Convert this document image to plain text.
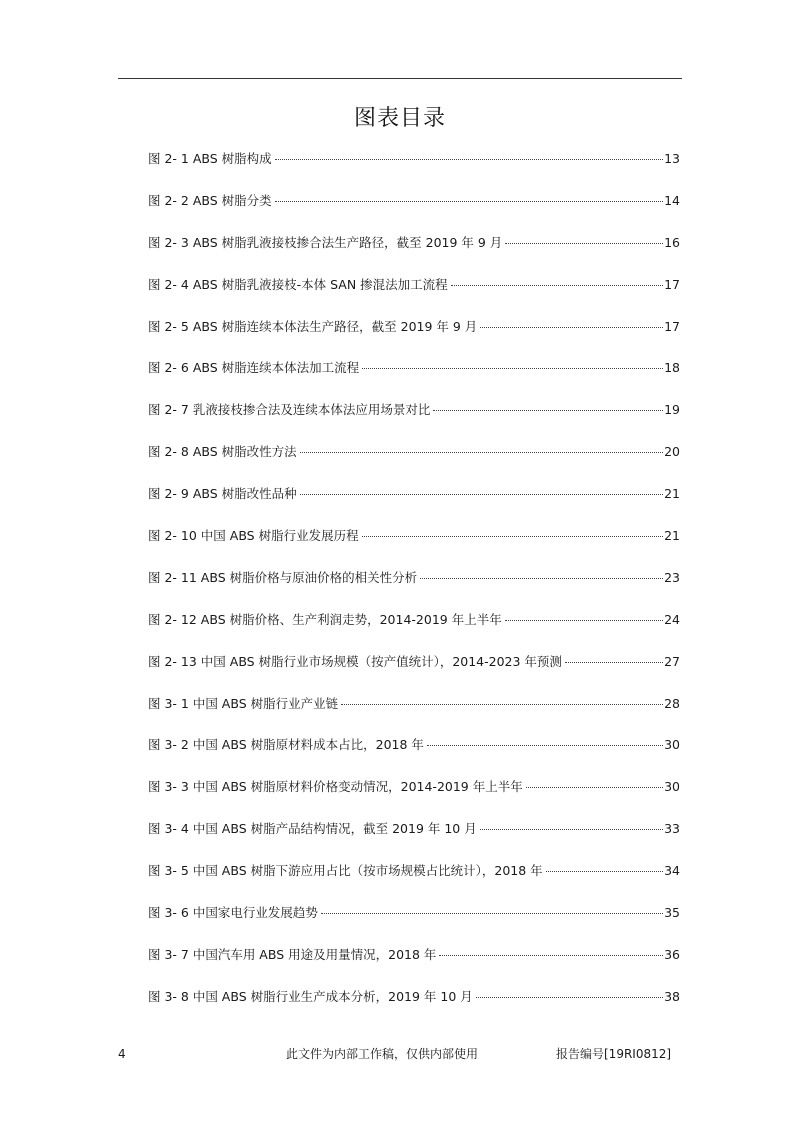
图表目录
图 2- 1 ABS 树脂构成	13
图 2- 2 ABS 树脂分类	14
图 2- 3 ABS 树脂乳液接枝掺合法生产路径，截至 2019 年 9 月	16
图 2- 4 ABS 树脂乳液接枝-本体 SAN 掺混法加工流程	17
图 2- 5 ABS 树脂连续本体法生产路径，截至 2019 年 9 月	17
图 2- 6 ABS 树脂连续本体法加工流程	18
图 2- 7 乳液接枝掺合法及连续本体法应用场景对比	19
图 2- 8 ABS 树脂改性方法	20
图 2- 9 ABS 树脂改性品种	21
图 2- 10 中国 ABS 树脂行业发展历程	21
图 2- 11 ABS 树脂价格与原油价格的相关性分析	23
图 2- 12 ABS 树脂价格、生产利润走势，2014-2019 年上半年	24
图 2- 13 中国 ABS 树脂行业市场规模（按产值统计），2014-2023 年预测	27
图 3- 1 中国 ABS 树脂行业产业链	28
图 3- 2 中国 ABS 树脂原材料成本占比，2018 年	30
图 3- 3 中国 ABS 树脂原材料价格变动情况，2014-2019 年上半年	30
图 3- 4 中国 ABS 树脂产品结构情况，截至 2019 年 10 月	33
图 3- 5 中国 ABS 树脂下游应用占比（按市场规模占比统计），2018 年	34
图 3- 6 中国家电行业发展趋势	35
图 3- 7 中国汽车用 ABS 用途及用量情况，2018 年	36
图 3- 8 中国 ABS 树脂行业生产成本分析，2019 年 10 月	38
4	此文件为内部工作稿，仅供内部使用	报告编号[19RI0812]
